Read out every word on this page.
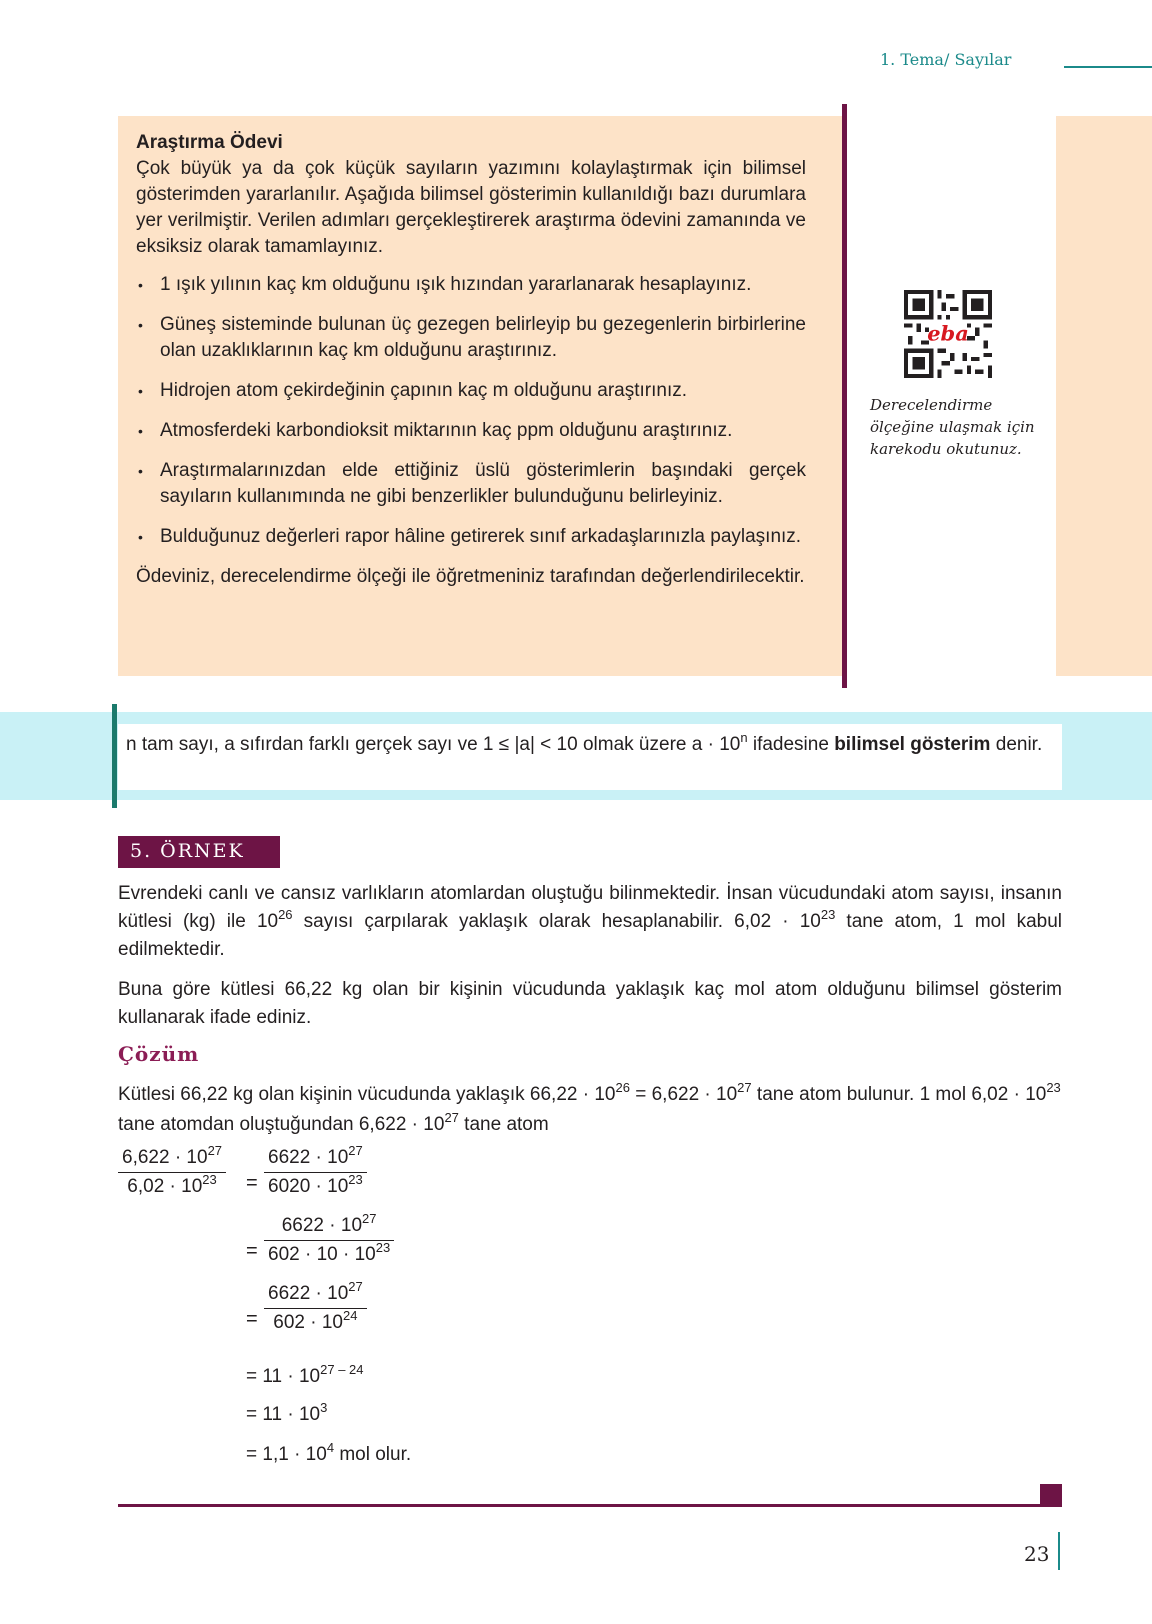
1. Tema/ Sayılar
Araştırma Ödevi

Çok büyük ya da çok küçük sayıların yazımını kolaylaştırmak için bilimsel gösterimden yararlanılır. Aşağıda bilimsel gösterimin kullanıldığı bazı durumlara yer verilmiştir. Verilen adımları gerçekleştirerek araştırma ödevini zamanında ve eksiksiz olarak tamamlayınız.

• 1 ışık yılının kaç km olduğunu ışık hızından yararlanarak hesaplayınız.
• Güneş sisteminde bulunan üç gezegen belirleyip bu gezegenlerin birbirlerine olan uzaklıklarının kaç km olduğunu araştırınız.
• Hidrojen atom çekirdeğinin çapının kaç m olduğunu araştırınız.
• Atmosferdeki karbondioksit miktarının kaç ppm olduğunu araştırınız.
• Araştırmalarınızdan elde ettiğiniz üslü gösterimlerin başındaki gerçek sayıların kullanımında ne gibi benzerlikler bulunduğunu belirleyiniz.
• Bulduğunuz değerleri rapor hâline getirerek sınıf arkadaşlarınızla paylaşınız.

Ödeviniz, derecelendirme ölçeği ile öğretmeniniz tarafından değerlendirilecektir.

eba
Derecelendirme ölçeğine ulaşmak için karekodu okutunuz.
n tam sayı, a sıfırdan farklı gerçek sayı ve 1 ≤ |a| < 10 olmak üzere $a \cdot 10^n$ ifadesine bilimsel gösterim denir.
5. ÖRNEK

Evrendeki canlı ve cansız varlıkların atomlardan oluştuğu bilinmektedir. İnsan vücudundaki atom sayısı, insanın kütlesi (kg) ile $10^{26}$ sayısı çarpılarak yaklaşık olarak hesaplanabilir. $6,02 \cdot 10^{23}$ tane atom, 1 mol kabul edilmektedir.

Buna göre kütlesi 66,22 kg olan bir kişinin vücudunda yaklaşık kaç mol atom olduğunu bilimsel gösterim kullanarak ifade ediniz.

Çözüm
Kütlesi 66,22 kg olan kişinin vücudunda yaklaşık $66,22 \cdot 10^{26} = 6,622 \cdot 10^{27}$ tane atom bulunur. 1 mol $6,02 \cdot 10^{23}$ tane atomdan oluştuğundan $6,622 \cdot 10^{27}$ tane atom
$\frac{6,622 \cdot 10^{27}}{6,02 \cdot 10^{23}} = \frac{6622 \cdot 10^{27}}{6020 \cdot 10^{23}}$
= $\frac{6622 \cdot 10^{27}}{602 \cdot 10 \cdot 10^{23}}$
= $\frac{6622 \cdot 10^{27}}{602 \cdot 10^{24}}$
= $11 \cdot 10^{27 - 24}$
= $11 \cdot 10^3$
= $1,1 \cdot 10^4$ mol olur.
23
